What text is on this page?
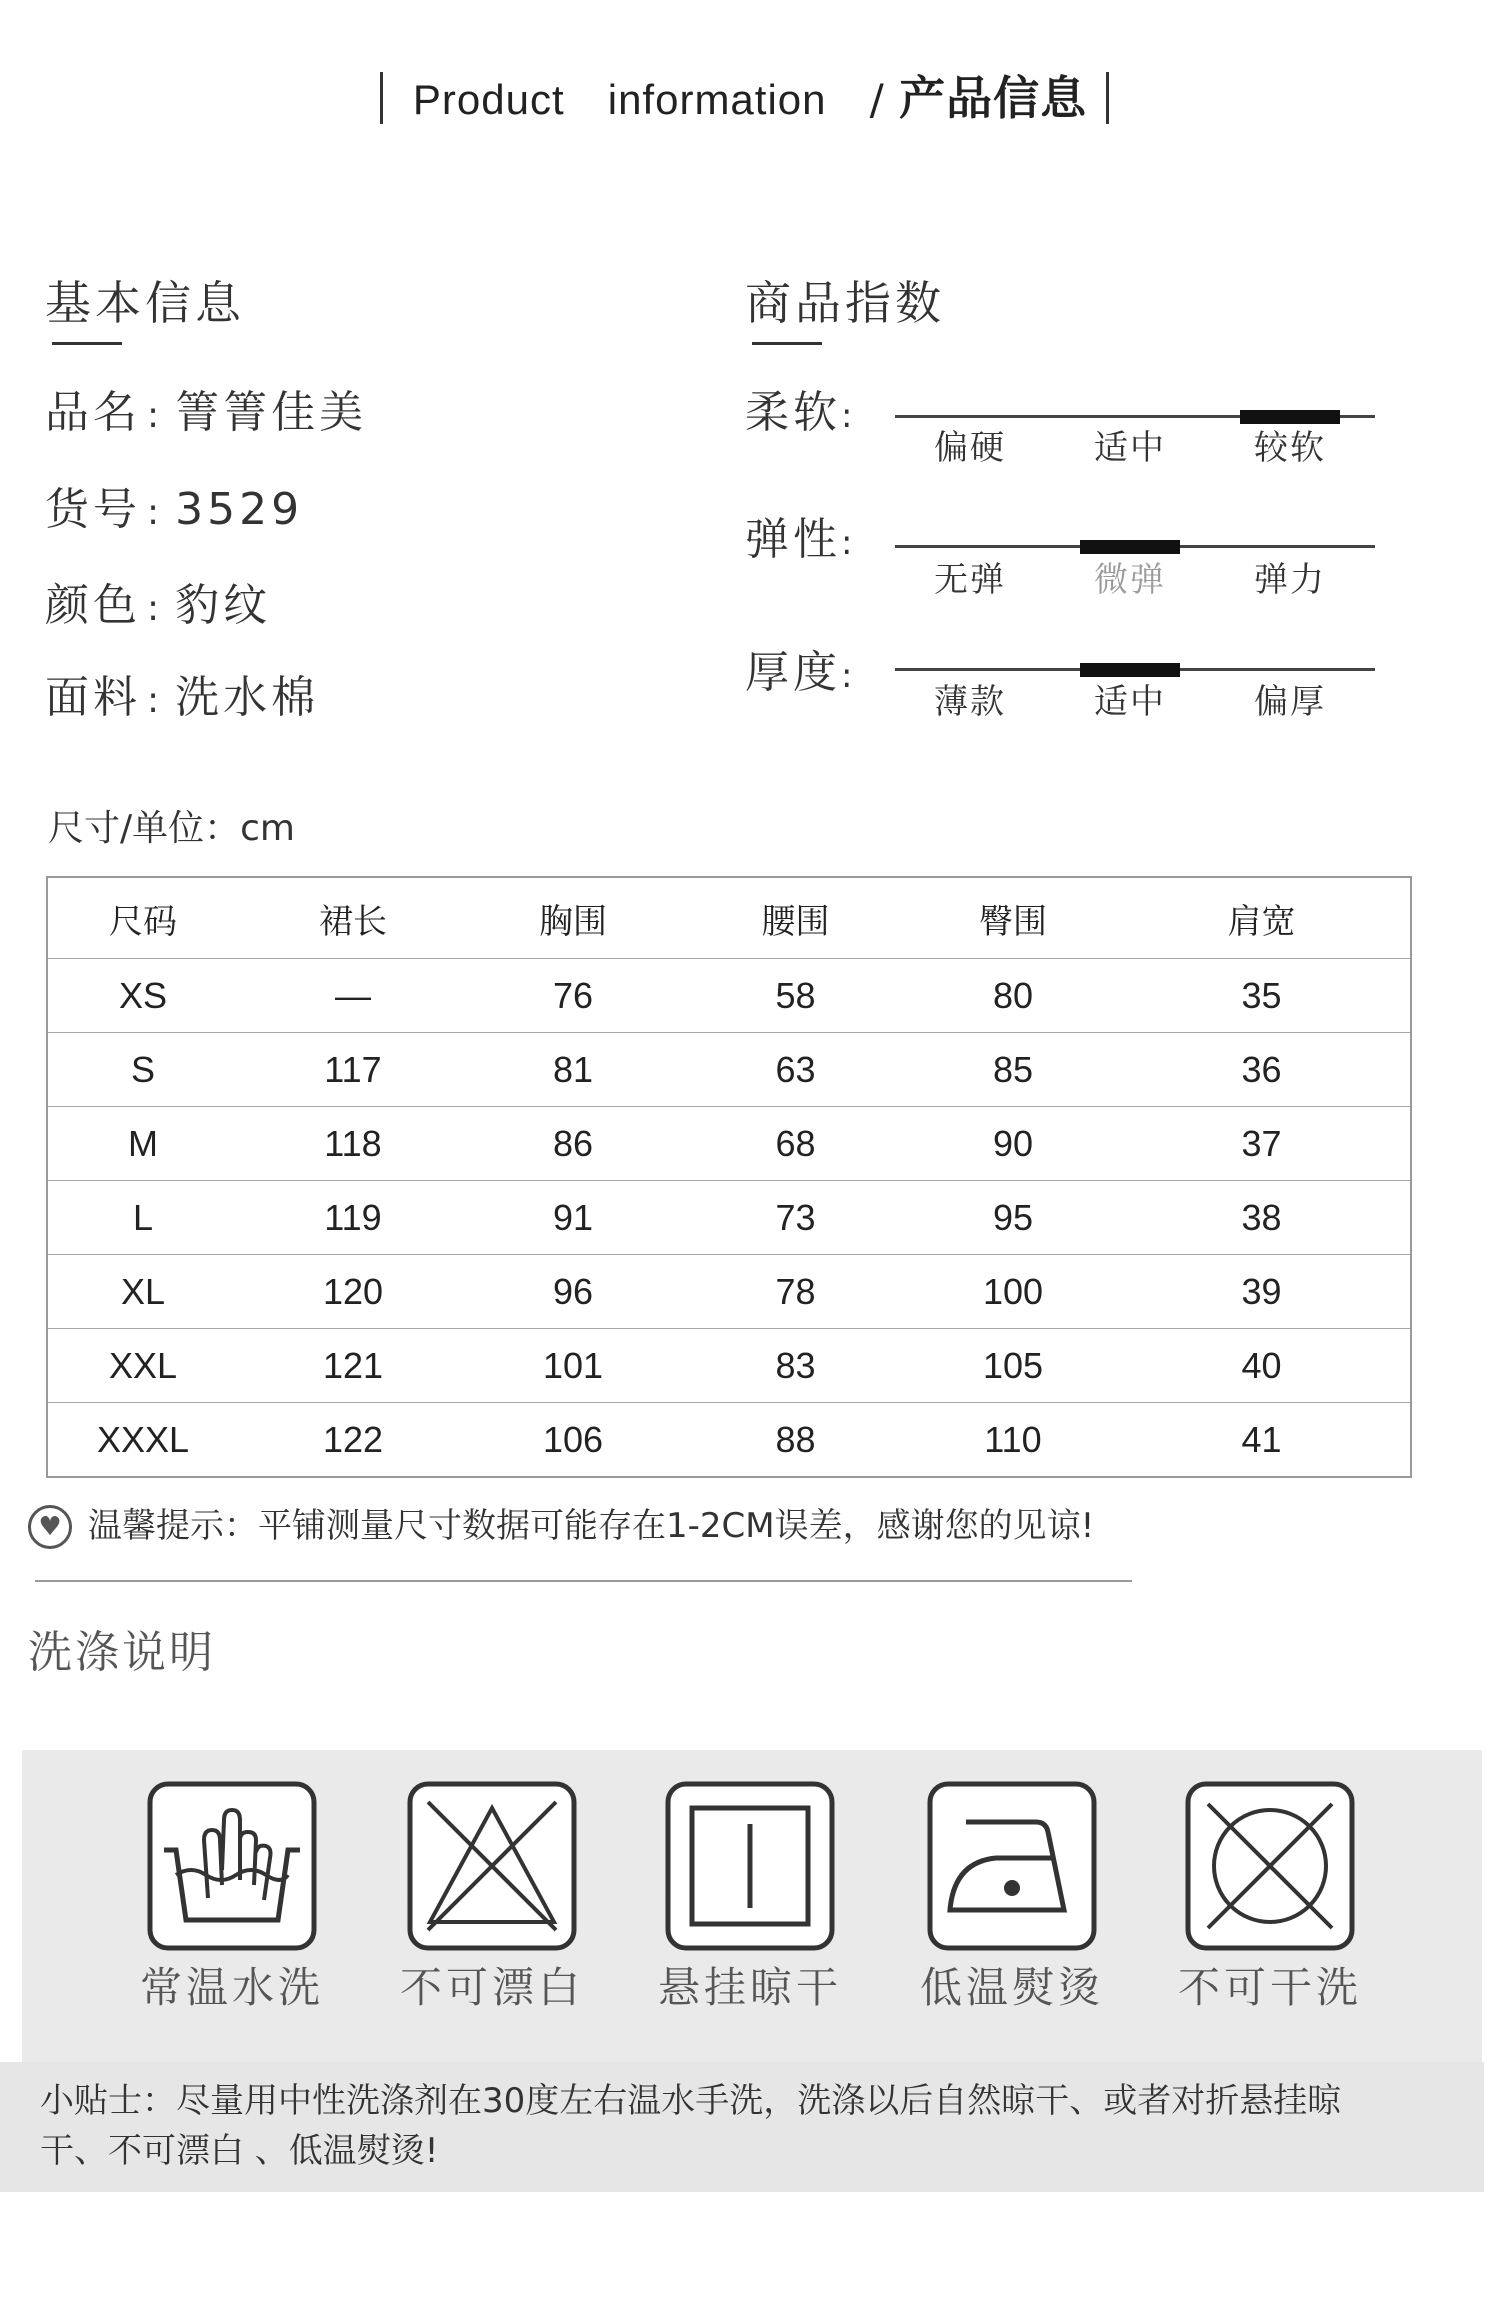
Product information / 产品信息
基本信息
品名 : 箐箐佳美
货号 : 3529
颜色 : 豹纹
面料 : 洗水棉
商品指数
柔软:
偏硬	适中	较软
弹性:
无弹	微弹	弹力
厚度:
薄款	适中	偏厚
尺寸/单位：cm
尺码	裙长	胸围	腰围	臀围	肩宽
XS	—	76	58	80	35
S	117	81	63	85	36
M	118	86	68	90	37
L	119	91	73	95	38
XL	120	96	78	100	39
XXL	121	101	83	105	40
XXXL	122	106	88	110	41
♥
温馨提示：平铺测量尺寸数据可能存在1-2CM误差，感谢您的见谅!
洗涤说明
常温水洗	不可漂白	悬挂晾干	低温熨烫	不可干洗
小贴士：尽量用中性洗涤剂在30度左右温水手洗，洗涤以后自然晾干、或者对折悬挂晾干、不可漂白 、低温熨烫!
